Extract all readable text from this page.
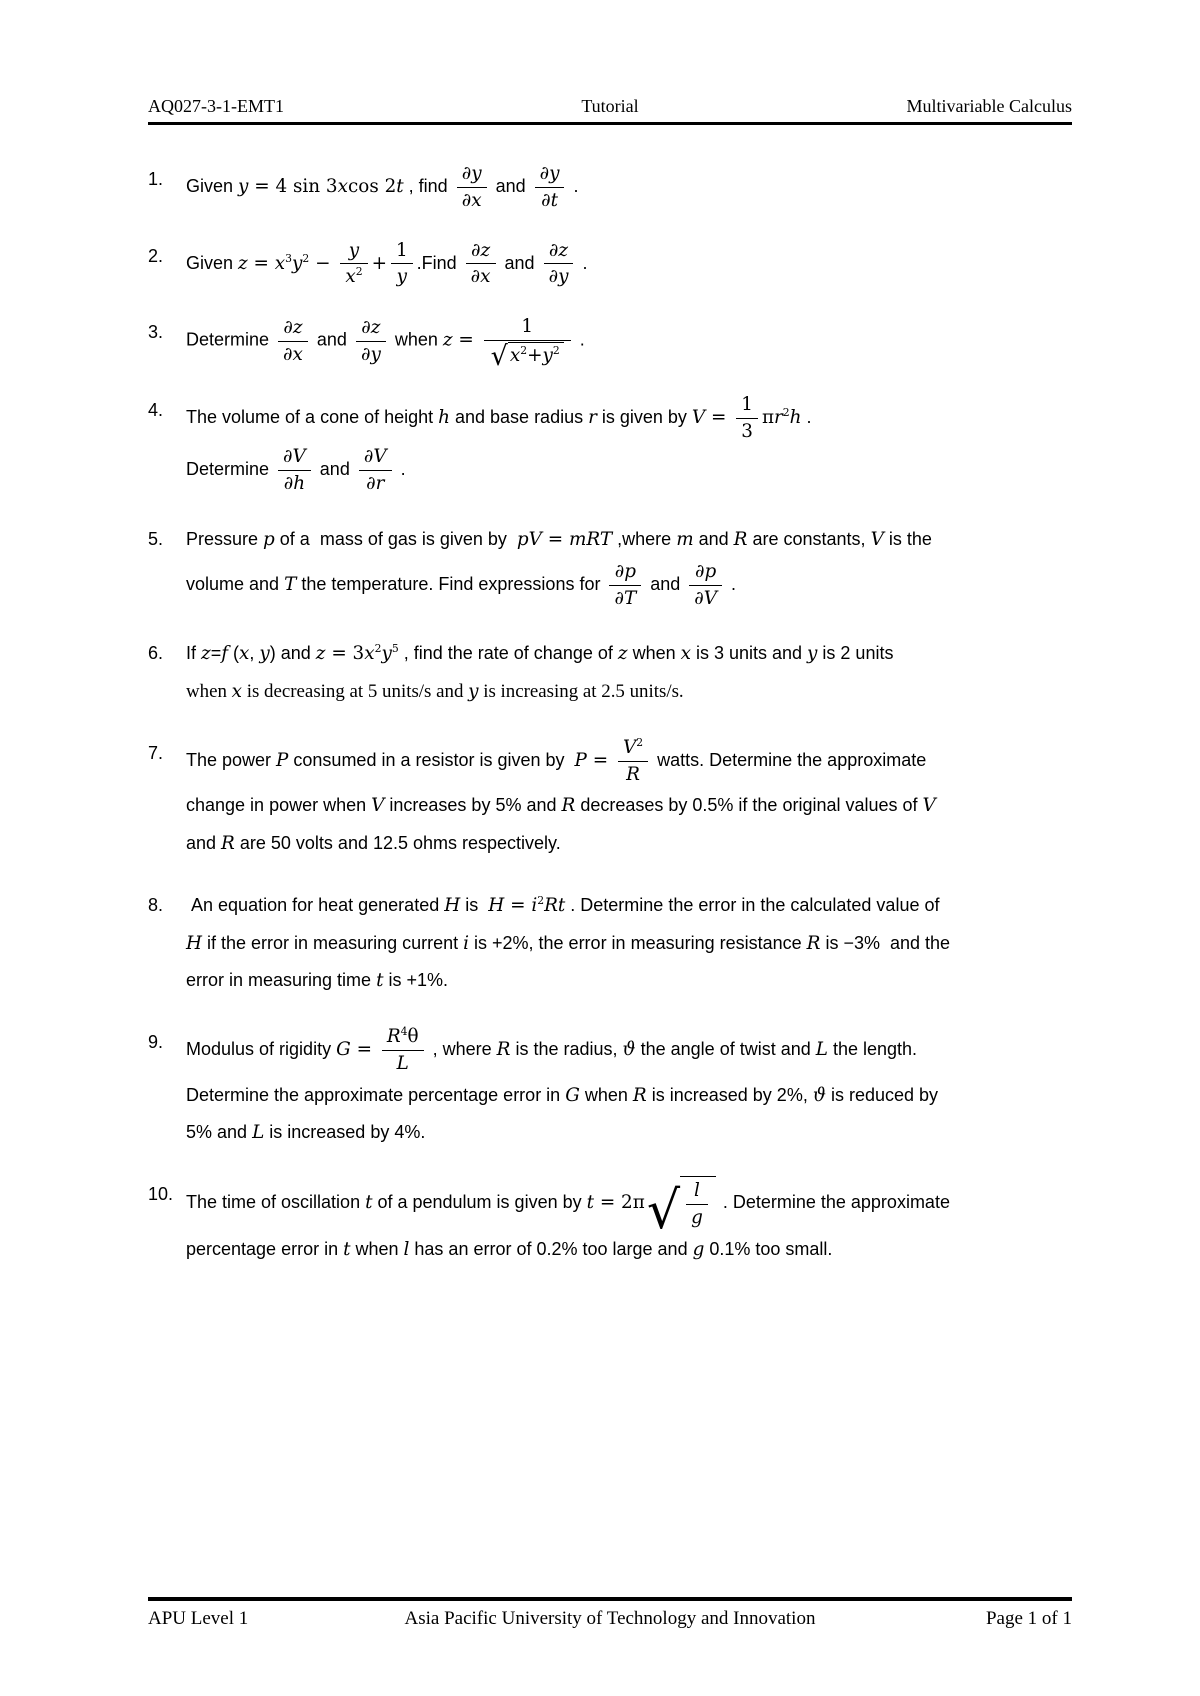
AQ027-3-1-EMT1	Tutorial	Multivariable Calculus
1.	Given y = 4 sin 3xcos 2t , find $\frac{\partial y}{\partial x}$ and $\frac{\partial y}{\partial t}$ .
2.	Given $z = x^3y^2 - \frac{y}{x^2} + \frac{1}{y}$ .Find $\frac{\partial z}{\partial x}$ and $\frac{\partial z}{\partial y}$ .
3.	Determine $\frac{\partial z}{\partial x}$ and $\frac{\partial z}{\partial y}$ when $z = \frac{1}{√ x^2+y^2}$ .
4.	The volume of a cone of height h and base radius r is given by $V = \frac{1}{3} \pi r^2h$ .
Determine $\frac{\partial V}{\partial h}$ and $\frac{\partial V}{\partial r}$ .
5.	Pressure p of a  mass of gas is given by  pV = mRT ,where m and R are constants, V is the
volume and T the temperature. Find expressions for $\frac{\partial p}{\partial T}$ and $\frac{\partial p}{\partial V}$ .
6.	If z=f (x, y) and $z = 3x^2y^5$ , find the rate of change of z when x is 3 units and y is 2 units
when x is decreasing at 5 units/s and y is increasing at 2.5 units/s.
7.	The power P consumed in a resistor is given by  $P = \frac{V^2}{R}$ watts. Determine the approximate
change in power when V increases by 5% and R decreases by 0.5% if the original values of V
and R are 50 volts and 12.5 ohms respectively.
8.	An equation for heat generated H is  $H = i^2Rt$ . Determine the error in the calculated value of
H if the error in measuring current i is +2%, the error in measuring resistance R is −3%  and the
error in measuring time t is +1%.
9.	Modulus of rigidity $G = \frac{R^4\theta}{L}$ , where R is the radius, ϑ the angle of twist and L the length.
Determine the approximate percentage error in G when R is increased by 2%, ϑ is reduced by
5% and L is increased by 4%.
10. The time of oscillation t of a pendulum is given by t = 2π √ $\frac{l}{g}$ . Determine the approximate
percentage error in t when l has an error of 0.2% too large and g 0.1% too small.
APU Level 1	Asia Pacific University of Technology and Innovation	Page 1 of 1
